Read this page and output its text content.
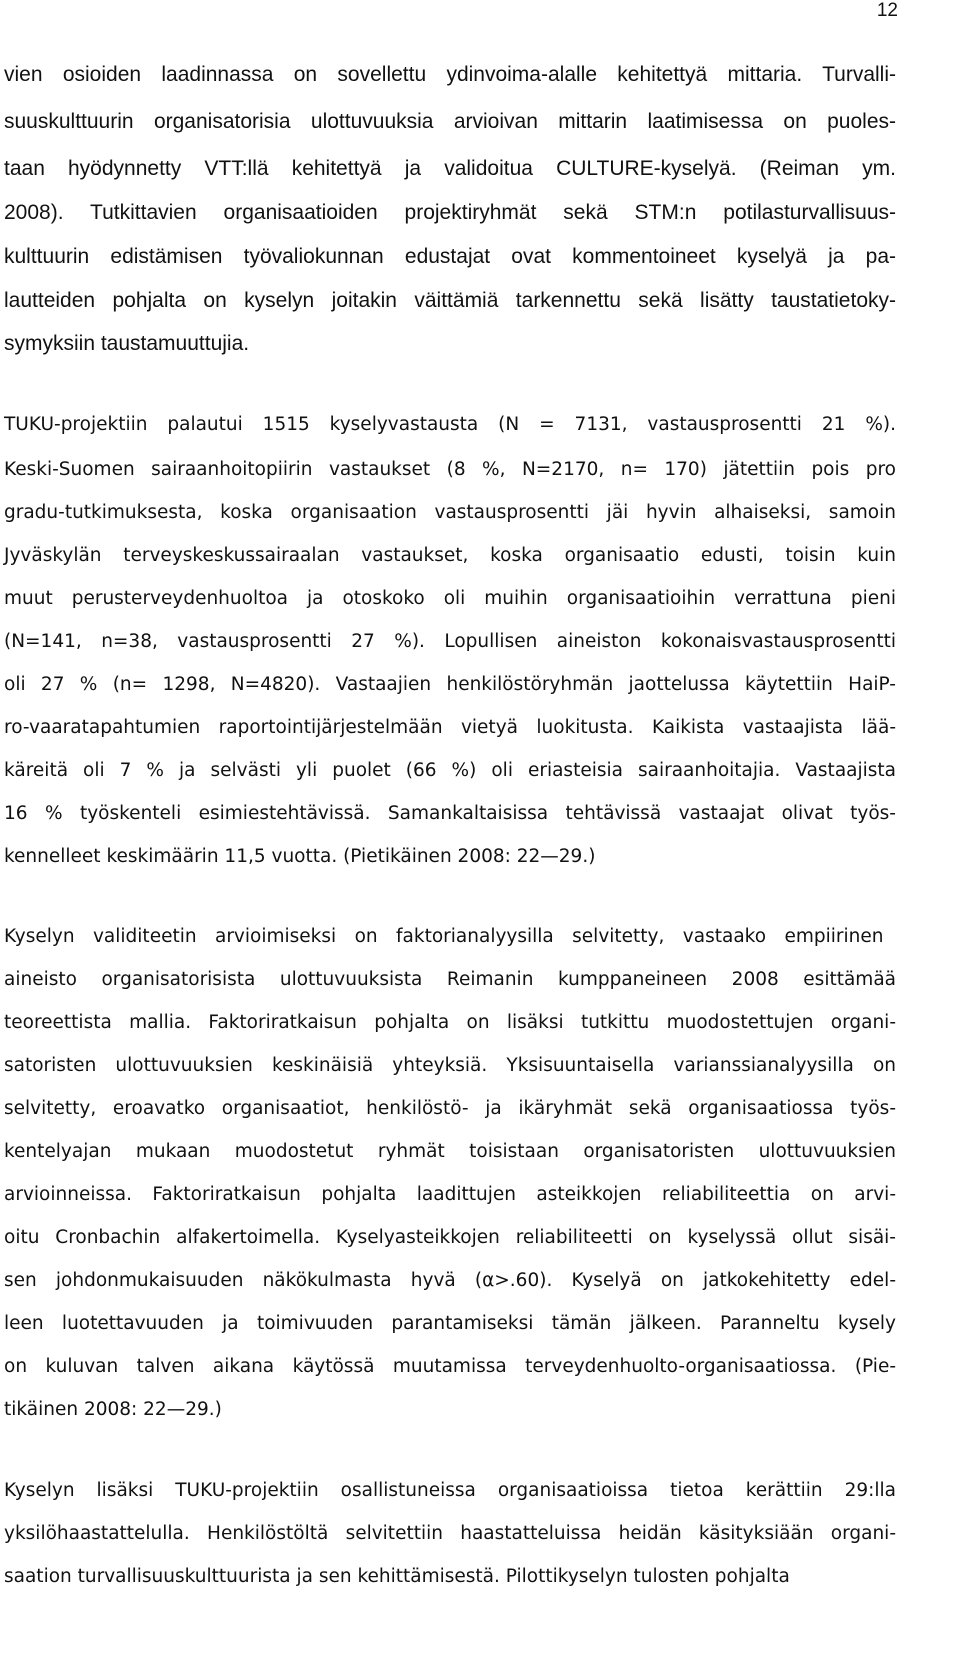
12
vien osioiden laadinnassa on sovellettu ydinvoima-alalle kehitettyä mittaria. Turvalli-
suuskulttuurin organisatorisia ulottuvuuksia arvioivan mittarin laatimisessa on puoles-
taan hyödynnetty VTT:llä kehitettyä ja validoitua CULTURE-kyselyä. (Reiman ym.
2008). Tutkittavien organisaatioiden projektiryhmät sekä STM:n potilasturvallisuus-
kulttuurin edistämisen työvaliokunnan edustajat ovat kommentoineet kyselyä ja pa-
lautteiden pohjalta on kyselyn joitakin väittämiä tarkennettu sekä lisätty taustatietoky-
symyksiin taustamuuttujia.
TUKU-projektiin palautui 1515 kyselyvastausta (N = 7131, vastausprosentti 21 %).
Keski-Suomen sairaanhoitopiirin vastaukset (8 %, N=2170, n= 170) jätettiin pois pro
gradu-tutkimuksesta, koska organisaation vastausprosentti jäi hyvin alhaiseksi, samoin
Jyväskylän terveyskeskussairaalan vastaukset, koska organisaatio edusti, toisin kuin
muut perusterveydenhuoltoa ja otoskoko oli muihin organisaatioihin verrattuna pieni
(N=141, n=38, vastausprosentti 27 %). Lopullisen aineiston kokonaisvastausprosentti
oli 27 % (n= 1298, N=4820). Vastaajien henkilöstöryhmän jaottelussa käytettiin HaiP-
ro-vaaratapahtumien raportointijärjestelmään vietyä luokitusta. Kaikista vastaajista lää-
käreitä oli 7 % ja selvästi yli puolet (66 %) oli eriasteisia sairaanhoitajia. Vastaajista
16 % työskenteli esimiestehtävissä. Samankaltaisissa tehtävissä vastaajat olivat työs-
kennelleet keskimäärin 11,5 vuotta. (Pietikäinen 2008: 22—29.)
Kyselyn validiteetin arvioimiseksi on faktorianalyysilla selvitetty, vastaako empiirinen
aineisto organisatorisista ulottuvuuksista Reimanin kumppaneineen 2008 esittämää
teoreettista mallia. Faktoriratkaisun pohjalta on lisäksi tutkittu muodostettujen organi-
satoristen ulottuvuuksien keskinäisiä yhteyksiä. Yksisuuntaisella varianssianalyysilla on
selvitetty, eroavatko organisaatiot, henkilöstö- ja ikäryhmät sekä organisaatiossa työs-
kentelyajan mukaan muodostetut ryhmät toisistaan organisatoristen ulottuvuuksien
arvioinneissa. Faktoriratkaisun pohjalta laadittujen asteikkojen reliabiliteettia on arvi-
oitu Cronbachin alfakertoimella. Kyselyasteikkojen reliabiliteetti on kyselyssä ollut sisäi-
sen johdonmukaisuuden näkökulmasta hyvä (α>.60). Kyselyä on jatkokehitetty edel-
leen luotettavuuden ja toimivuuden parantamiseksi tämän jälkeen. Paranneltu kysely
on kuluvan talven aikana käytössä muutamissa terveydenhuolto-organisaatiossa. (Pie-
tikäinen 2008: 22—29.)
Kyselyn lisäksi TUKU-projektiin osallistuneissa organisaatioissa tietoa kerättiin 29:lla
yksilöhaastattelulla. Henkilöstöltä selvitettiin haastatteluissa heidän käsityksiään organi-
saation turvallisuuskulttuurista ja sen kehittämisestä. Pilottikyselyn tulosten pohjalta
